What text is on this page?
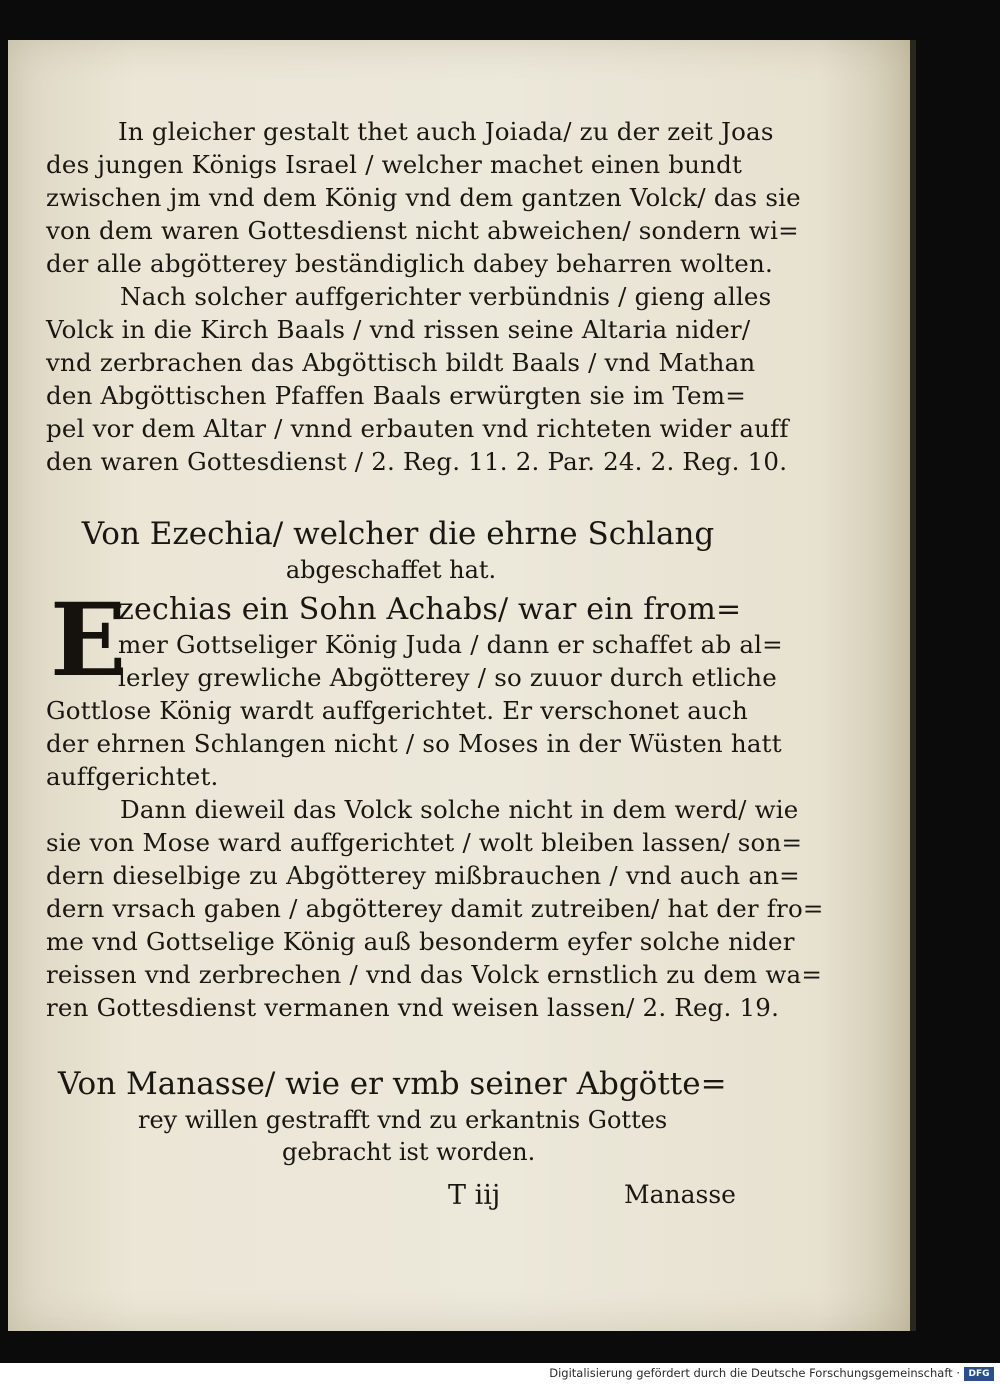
In gleicher gestalt thet auch Joiada/ zu der zeit Joas
des jungen Königs Israel / welcher machet einen bundt
zwischen jm vnd dem König vnd dem gantzen Volck/ das sie
von dem waren Gottesdienst nicht abweichen/ sondern wi=
der alle abgötterey beständiglich dabey beharren wolten.

Nach solcher auffgerichter verbündnis / gieng alles
Volck in die Kirch Baals / vnd rissen seine Altaria nider/
vnd zerbrachen das Abgöttisch bildt Baals / vnd Mathan
den Abgöttischen Pfaffen Baals erwürgten sie im Tem=
pel vor dem Altar / vnnd erbauten vnd richteten wider auff
den waren Gottesdienst / 2. Reg. 11. 2. Par. 24. 2. Reg. 10.

Von Ezechia/ welcher die ehrne Schlang
abgeschaffet hat.
E
zechias ein Sohn Achabs/ war ein from=
mer Gottseliger König Juda / dann er schaffet ab al=
lerley grewliche Abgötterey / so zuuor durch etliche
Gottlose König wardt auffgerichtet. Er verschonet auch
der ehrnen Schlangen nicht / so Moses in der Wüsten hatt
auffgerichtet.

Dann dieweil das Volck solche nicht in dem werd/ wie
sie von Mose ward auffgerichtet / wolt bleiben lassen/ son=
dern dieselbige zu Abgötterey mißbrauchen / vnd auch an=
dern vrsach gaben / abgötterey damit zutreiben/ hat der fro=
me vnd Gottselige König auß besonderm eyfer solche nider
reissen vnd zerbrechen / vnd das Volck ernstlich zu dem wa=
ren Gottesdienst vermanen vnd weisen lassen/ 2. Reg. 19.

Von Manasse/ wie er vmb seiner Abgötte=
rey willen gestrafft vnd zu erkantnis Gottes
gebracht ist worden.
T iij	Manasse
Digitalisierung gefördert durch die Deutsche Forschungsgemeinschaft · DFG
